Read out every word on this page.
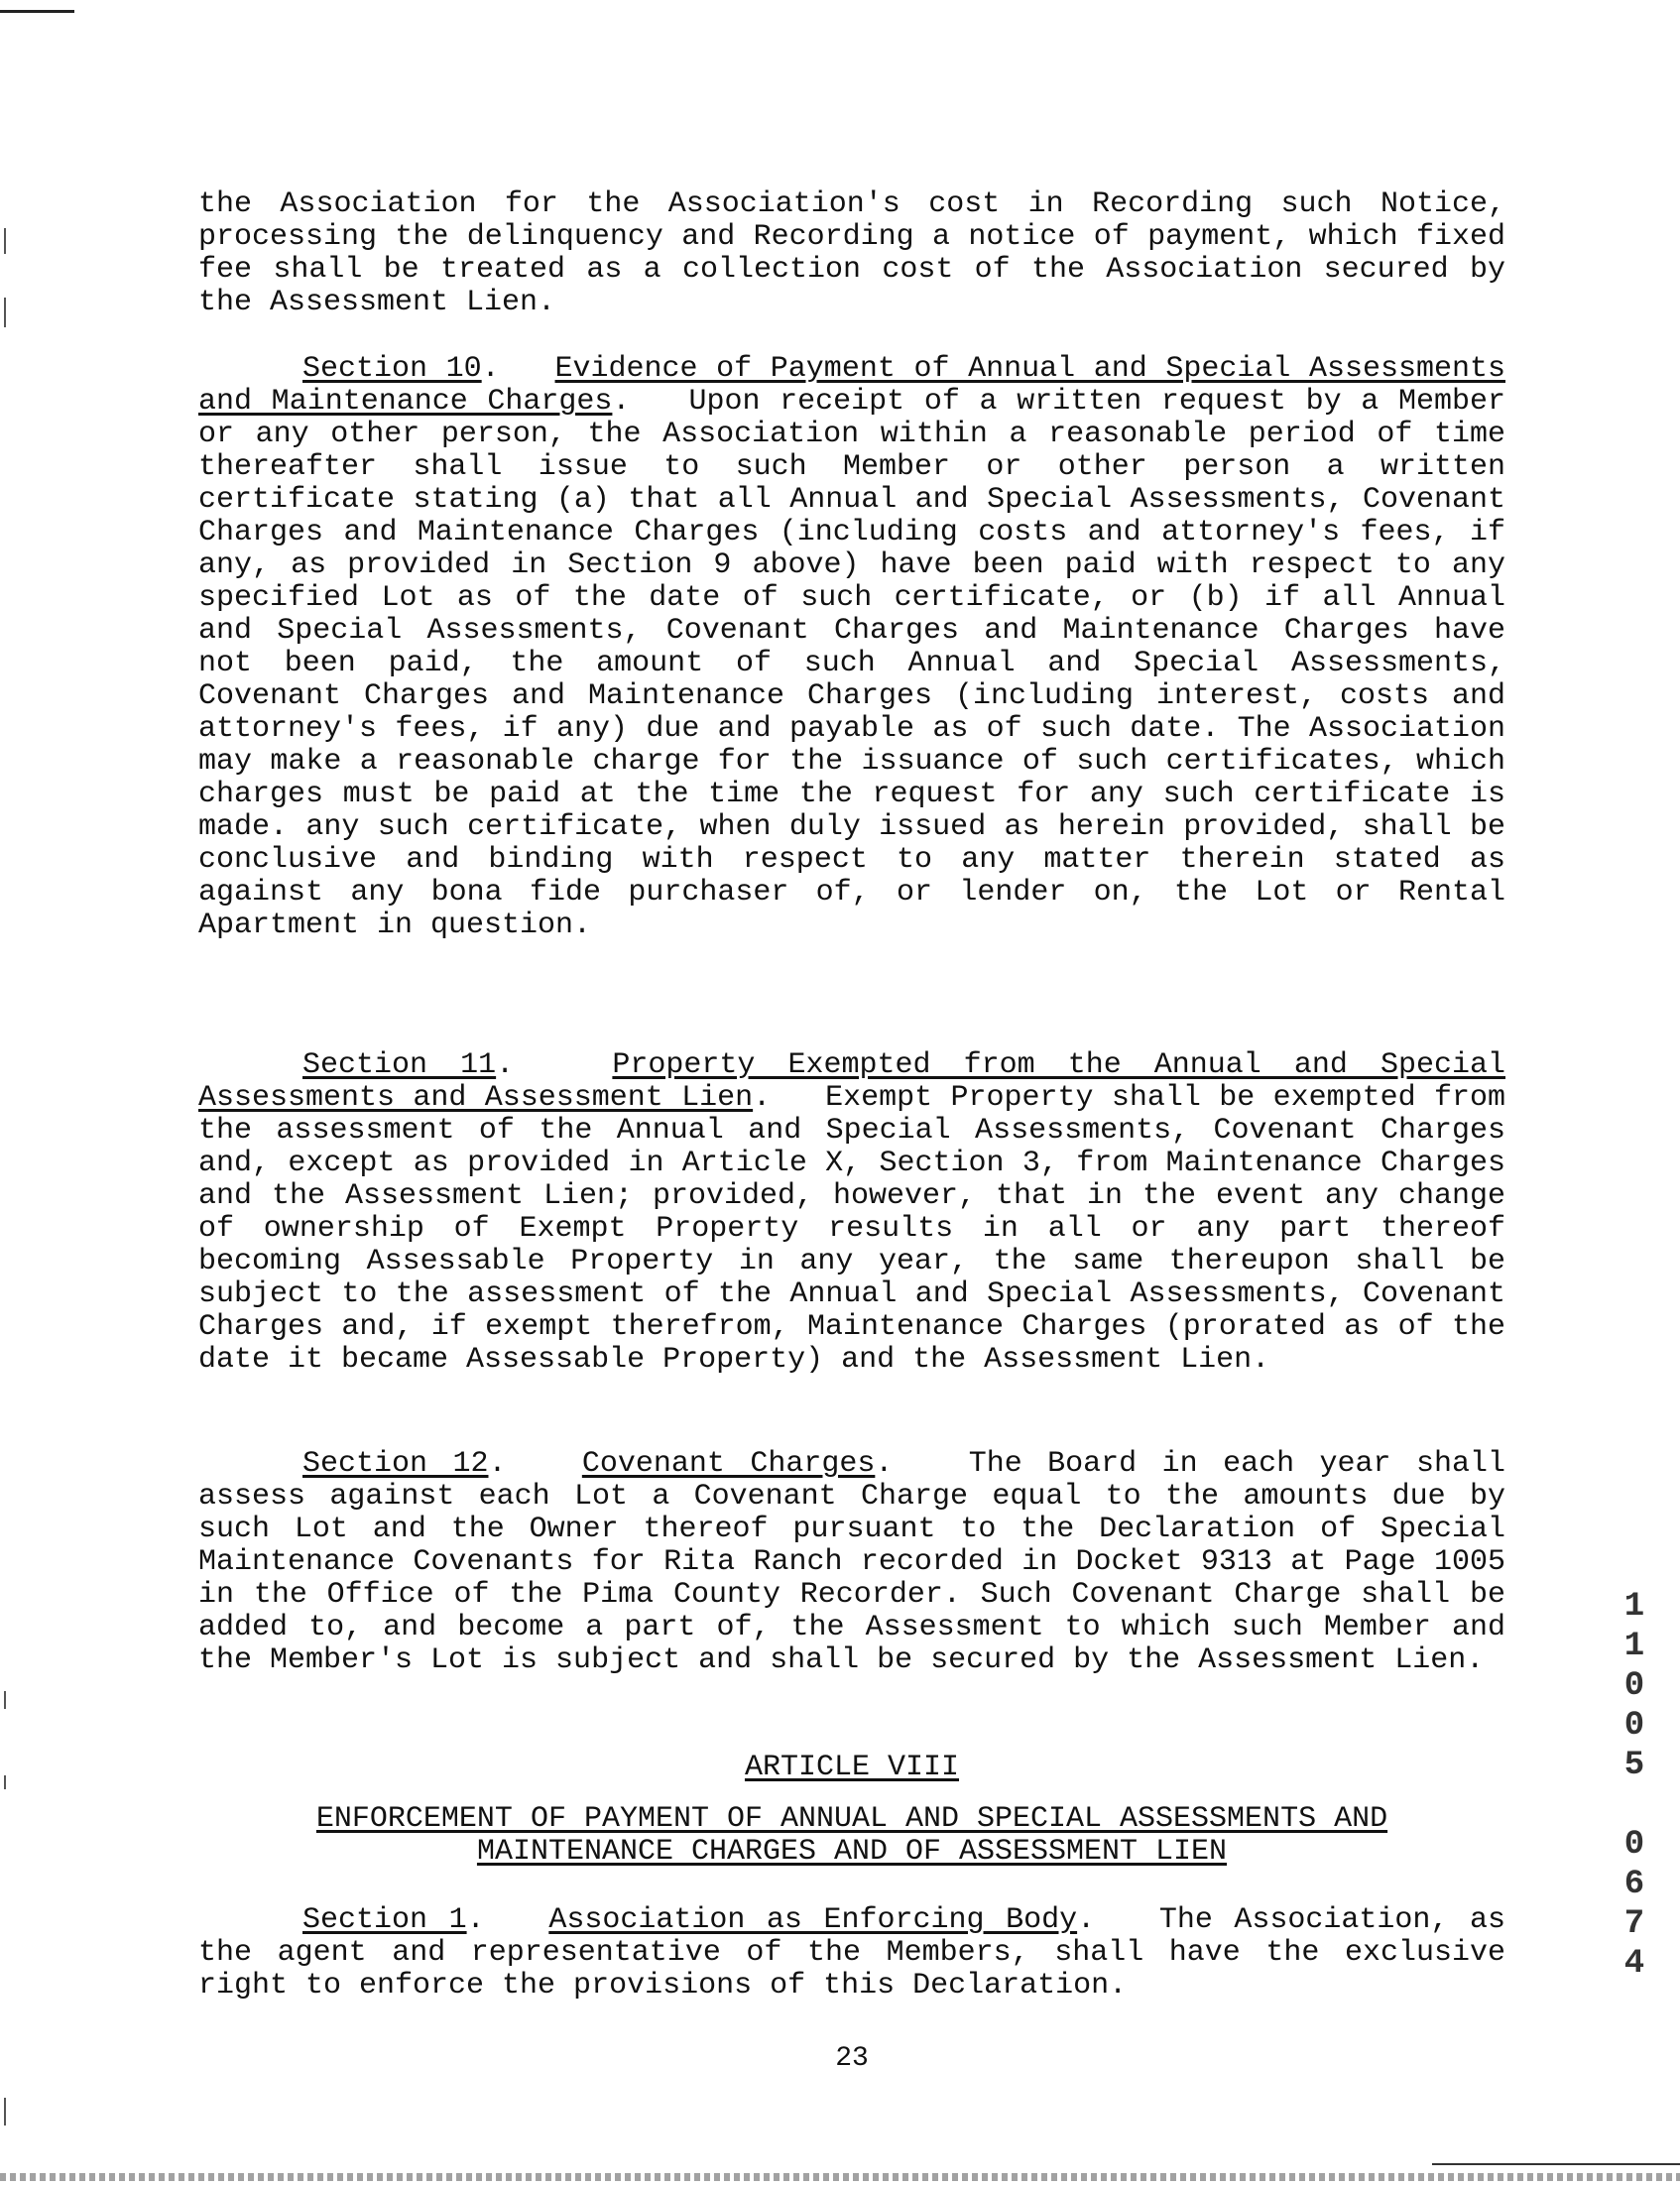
the Association for the Association's cost in Recording such Notice, processing the delinquency and Recording a notice of payment, which fixed fee shall be treated as a collection cost of the Association secured by the Assessment Lien.

Section 10.   Evidence of Payment of Annual and Special Assessments and Maintenance Charges.   Upon receipt of a written request by a Member or any other person, the Association within a reasonable period of time thereafter shall issue to such Member or other person a written certificate stating (a) that all Annual and Special Assessments, Covenant Charges and Maintenance Charges (including costs and attorney's fees, if any, as provided in Section 9 above) have been paid with respect to any specified Lot as of the date of such certificate, or (b) if all Annual and Special Assessments, Covenant Charges and Maintenance Charges have not been paid, the amount of such Annual and Special Assessments, Covenant Charges and Maintenance Charges (including interest, costs and attorney's fees, if any) due and payable as of such date. The Association may make a reasonable charge for the issuance of such certificates, which charges must be paid at the time the request for any such certificate is made. any such certificate, when duly issued as herein provided, shall be conclusive and binding with respect to any matter therein stated as against any bona fide purchaser of, or lender on, the Lot or Rental Apartment in question.

Section 11.   Property Exempted from the Annual and Special Assessments and Assessment Lien.   Exempt Property shall be exempted from the assessment of the Annual and Special Assessments, Covenant Charges and, except as provided in Article X, Section 3, from Maintenance Charges and the Assessment Lien; provided, however, that in the event any change of ownership of Exempt Property results in all or any part thereof becoming Assessable Property in any year, the same thereupon shall be subject to the assessment of the Annual and Special Assessments, Covenant Charges and, if exempt therefrom, Maintenance Charges (prorated as of the date it became Assessable Property) and the Assessment Lien.

Section 12.   Covenant Charges.   The Board in each year shall assess against each Lot a Covenant Charge equal to the amounts due by such Lot and the Owner thereof pursuant to the Declaration of Special Maintenance Covenants for Rita Ranch recorded in Docket 9313 at Page 1005 in the Office of the Pima County Recorder. Such Covenant Charge shall be added to, and become a part of, the Assessment to which such Member and the Member's Lot is subject and shall be secured by the Assessment Lien.

ARTICLE VIII

ENFORCEMENT OF PAYMENT OF ANNUAL AND SPECIAL ASSESSMENTS AND
MAINTENANCE CHARGES AND OF ASSESSMENT LIEN

Section 1.   Association as Enforcing Body.   The Association, as the agent and representative of the Members, shall have the exclusive right to enforce the provisions of this Declaration.

23
11005
0674
